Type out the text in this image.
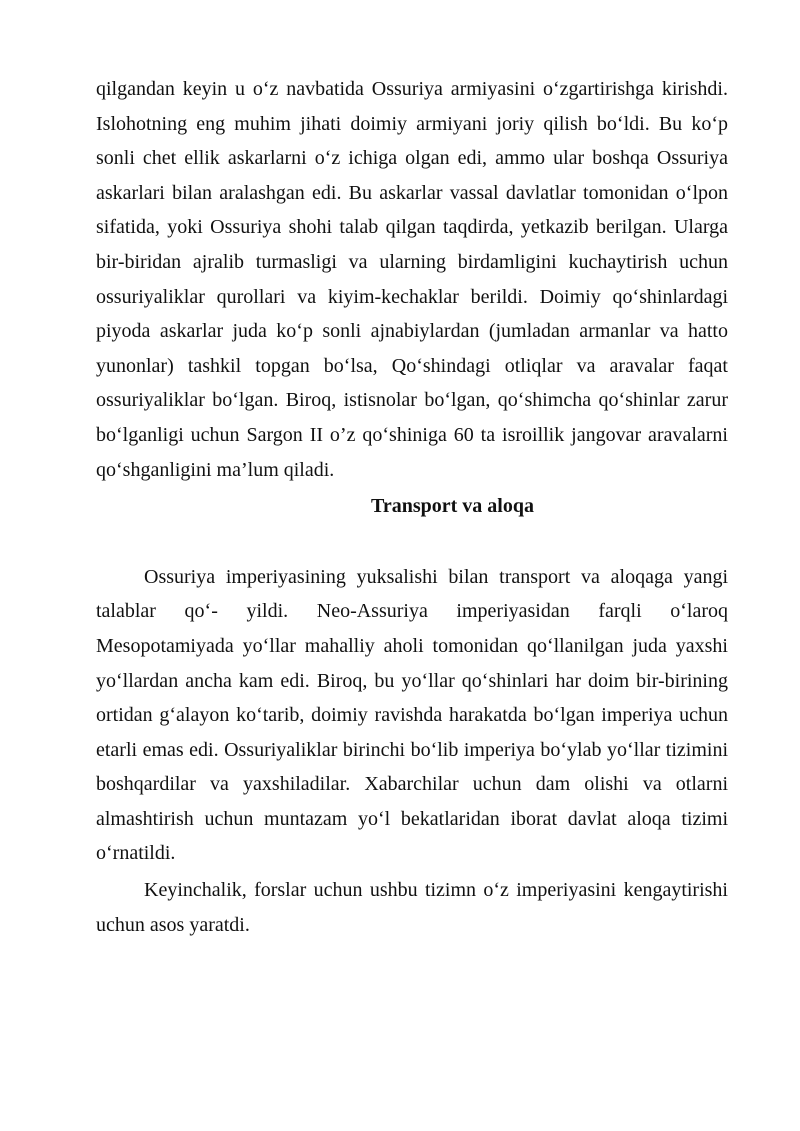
qilgandan keyin u o‘z navbatida Ossuriya armiyasini o‘zgartirishga kirishdi. Islohotning eng muhim jihati doimiy armiyani joriy qilish bo‘ldi. Bu ko‘p sonli chet ellik askarlarni o‘z ichiga olgan edi, ammo ular boshqa Ossuriya askarlari bilan aralashgan edi. Bu askarlar vassal davlatlar tomonidan o‘lpon sifatida, yoki Ossuriya shohi talab qilgan taqdirda, yetkazib berilgan. Ularga bir-biridan ajralib turmasligi va ularning birdamligini kuchaytirish uchun ossuriyaliklar qurollari va kiyim-kechaklar berildi. Doimiy qo‘shinlardagi piyoda askarlar juda ko‘p sonli ajnabiylardan (jumladan armanlar va hatto yunonlar) tashkil topgan bo‘lsa, Qo‘shindagi otliqlar va aravalar faqat ossuriyaliklar bo‘lgan. Biroq, istisnolar bo‘lgan, qo‘shimcha qo‘shinlar zarur bo‘lganligi uchun Sargon II o’z qo‘shiniga 60 ta isroillik jangovar aravalarni qo‘shganligini ma’lum qiladi.

Transport va aloqa

Ossuriya imperiyasining yuksalishi bilan transport va aloqaga yangi talablar qo‘- yildi. Neo-Assuriya imperiyasidan farqli o‘laroq Mesopotamiyada yo‘llar mahalliy aholi tomonidan qo‘llanilgan juda yaxshi yo‘llardan ancha kam edi. Biroq, bu yo‘llar qo‘shinlari har doim bir-birining ortidan g‘alayon ko‘tarib, doimiy ravishda harakatda bo‘lgan imperiya uchun etarli emas edi. Ossuriyaliklar birinchi bo‘lib imperiya bo‘ylab yo‘llar tizimini boshqardilar va yaxshiladilar. Xabarchilar uchun dam olishi va otlarni almashtirish uchun muntazam yo‘l bekatlaridan iborat davlat aloqa tizimi o‘rnatildi.

Keyinchalik, forslar uchun ushbu tizimn o‘z imperiyasini kengaytirishi uchun asos yaratdi.
